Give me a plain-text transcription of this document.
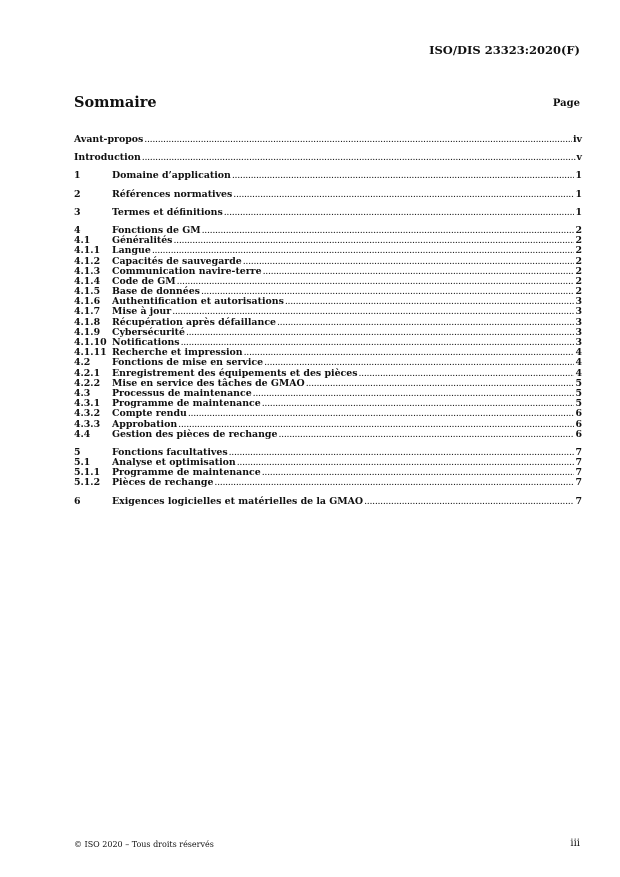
ISO/DIS 23323:2020(F)
Sommaire	Page
Avant-propos .....	iv
Introduction .....	v
1	Domaine d’application .....	1
2	Références normatives .....	1
3	Termes et définitions .....	1
4	Fonctions de GM .....	2
4.1	Généralités .....	2
4.1.1	Langue .....	2
4.1.2	Capacités de sauvegarde .....	2
4.1.3	Communication navire-terre .....	2
4.1.4	Code de GM .....	2
4.1.5	Base de données .....	2
4.1.6	Authentification et autorisations .....	3
4.1.7	Mise à jour .....	3
4.1.8	Récupération après défaillance .....	3
4.1.9	Cybersécurité .....	3
4.1.10 Notifications .....	3
4.1.11 Recherche et impression .....	4
4.2	Fonctions de mise en service .....	4
4.2.1	Enregistrement des équipements et des pièces .....	4
4.2.2	Mise en service des tâches de GMAO .....	5
4.3	Processus de maintenance .....	5
4.3.1	Programme de maintenance .....	5
4.3.2	Compte rendu .....	6
4.3.3	Approbation .....	6
4.4	Gestion des pièces de rechange .....	6
5	Fonctions facultatives .....	7
5.1	Analyse et optimisation .....	7
5.1.1	Programme de maintenance .....	7
5.1.2	Pièces de rechange .....	7
6	Exigences logicielles et matérielles de la GMAO .....	7
© ISO 2020 – Tous droits réservés	iii
